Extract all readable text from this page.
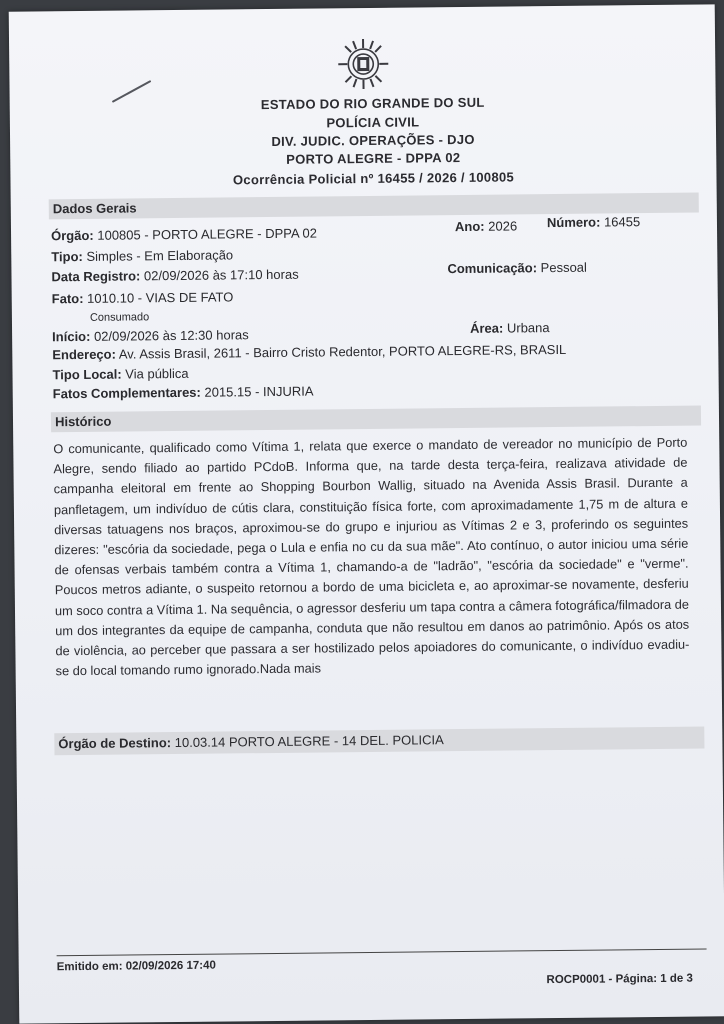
ESTADO DO RIO GRANDE DO SUL
POLÍCIA CIVIL
DIV. JUDIC. OPERAÇÕES - DJO
PORTO ALEGRE - DPPA 02
Ocorrência Policial nº 16455 / 2026 / 100805
Dados Gerais
Órgão: 100805 - PORTO ALEGRE - DPPA 02	Ano: 2026 Número: 16455
Tipo: Simples - Em Elaboração
Data Registro: 02/09/2026 às 17:10 horas	Comunicação: Pessoal
Fato: 1010.10 - VIAS DE FATO
Consumado
Início: 02/09/2026 às 12:30 horas	Área: Urbana
Endereço: Av. Assis Brasil, 2611 - Bairro Cristo Redentor, PORTO ALEGRE-RS, BRASIL
Tipo Local: Via pública
Fatos Complementares: 2015.15 - INJURIA
Histórico
O comunicante, qualificado como Vítima 1, relata que exerce o mandato de vereador no município de Porto Alegre, sendo filiado ao partido PCdoB. Informa que, na tarde desta terça-feira, realizava atividade de campanha eleitoral em frente ao Shopping Bourbon Wallig, situado na Avenida Assis Brasil. Durante a panfletagem, um indivíduo de cútis clara, constituição física forte, com aproximadamente 1,75 m de altura e diversas tatuagens nos braços, aproximou-se do grupo e injuriou as Vítimas 2 e 3, proferindo os seguintes dizeres: "escória da sociedade, pega o Lula e enfia no cu da sua mãe". Ato contínuo, o autor iniciou uma série de ofensas verbais também contra a Vítima 1, chamando-a de "ladrão", "escória da sociedade" e "verme". Poucos metros adiante, o suspeito retornou a bordo de uma bicicleta e, ao aproximar-se novamente, desferiu um soco contra a Vítima 1. Na sequência, o agressor desferiu um tapa contra a câmera fotográfica/filmadora de um dos integrantes da equipe de campanha, conduta que não resultou em danos ao patrimônio. Após os atos de violência, ao perceber que passara a ser hostilizado pelos apoiadores do comunicante, o indivíduo evadiu-se do local tomando rumo ignorado.Nada mais
Órgão de Destino: 10.03.14 PORTO ALEGRE - 14 DEL. POLICIA
Emitido em: 02/09/2026 17:40
ROCP0001 - Página: 1 de 3
